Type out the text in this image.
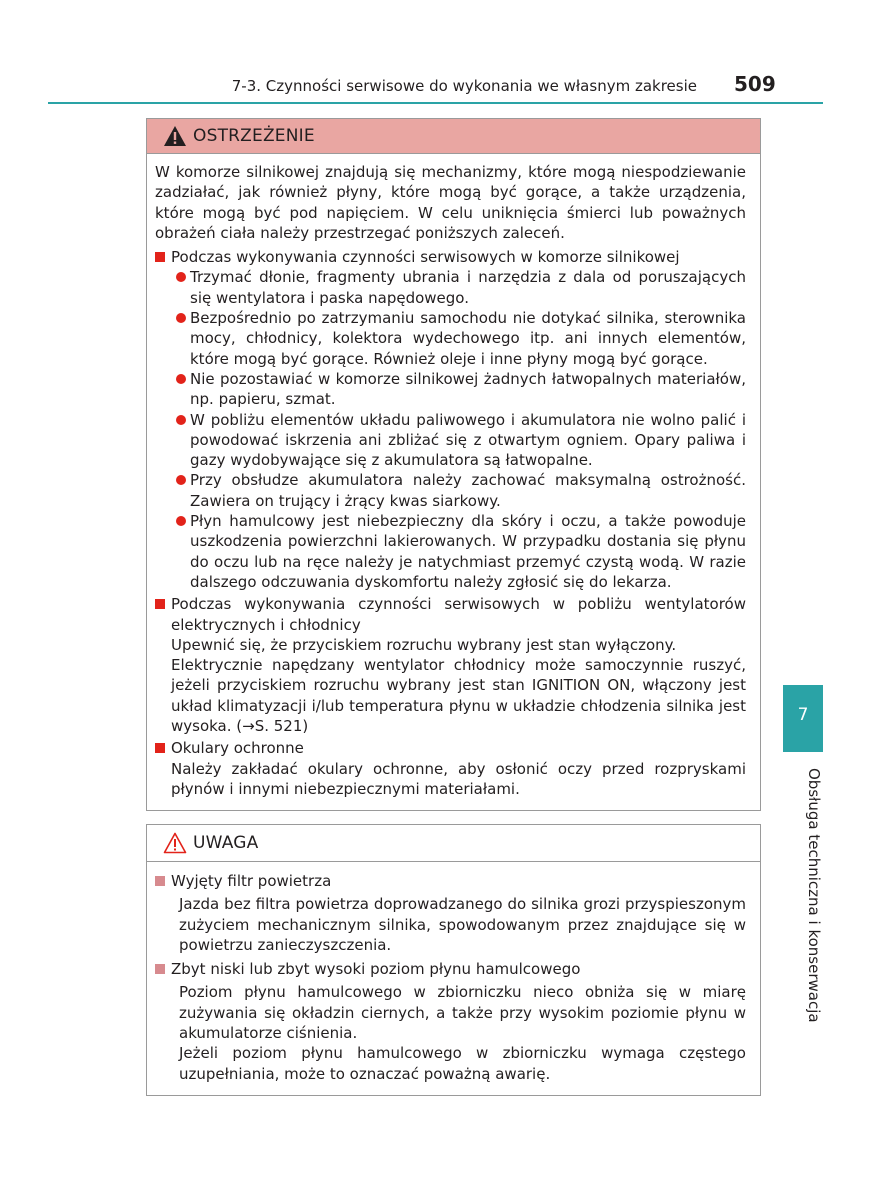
7-3. Czynności serwisowe do wykonania we własnym zakresie 509
OSTRZEŻENIE

W komorze silnikowej znajdują się mechanizmy, które mogą niespodziewanie zadziałać, jak również płyny, które mogą być gorące, a także urządzenia, które mogą być pod napięciem. W celu uniknięcia śmierci lub poważnych obrażeń ciała należy przestrzegać poniższych zaleceń.

Podczas wykonywania czynności serwisowych w komorze silnikowej
Trzymać dłonie, fragmenty ubrania i narzędzia z dala od poruszających się wentylatora i paska napędowego.
Bezpośrednio po zatrzymaniu samochodu nie dotykać silnika, sterownika mocy, chłodnicy, kolektora wydechowego itp. ani innych elementów, które mogą być gorące. Również oleje i inne płyny mogą być gorące.
Nie pozostawiać w komorze silnikowej żadnych łatwopalnych materiałów, np. papieru, szmat.
W pobliżu elementów układu paliwowego i akumulatora nie wolno palić i powodować iskrzenia ani zbliżać się z otwartym ogniem. Opary paliwa i gazy wydobywające się z akumulatora są łatwopalne.
Przy obsłudze akumulatora należy zachować maksymalną ostrożność. Zawiera on trujący i żrący kwas siarkowy.
Płyn hamulcowy jest niebezpieczny dla skóry i oczu, a także powoduje uszkodzenia powierzchni lakierowanych. W przypadku dostania się płynu do oczu lub na ręce należy je natychmiast przemyć czystą wodą. W razie dalszego odczuwania dyskomfortu należy zgłosić się do lekarza.
Podczas wykonywania czynności serwisowych w pobliżu wentylatorów elektrycznych i chłodnicy
Upewnić się, że przyciskiem rozruchu wybrany jest stan wyłączony.
Elektrycznie napędzany wentylator chłodnicy może samoczynnie ruszyć, jeżeli przyciskiem rozruchu wybrany jest stan IGNITION ON, włączony jest układ klimatyzacji i/lub temperatura płynu w układzie chłodzenia silnika jest wysoka. (→S. 521)
Okulary ochronne
Należy zakładać okulary ochronne, aby osłonić oczy przed rozpryskami płynów i innymi niebezpiecznymi materiałami.
UWAGA
Wyjęty filtr powietrza
Jazda bez filtra powietrza doprowadzanego do silnika grozi przyspieszonym zużyciem mechanicznym silnika, spowodowanym przez znajdujące się w powietrzu zanieczyszczenia.
Zbyt niski lub zbyt wysoki poziom płynu hamulcowego
Poziom płynu hamulcowego w zbiorniczku nieco obniża się w miarę zużywania się okładzin ciernych, a także przy wysokim poziomie płynu w akumulatorze ciśnienia.
Jeżeli poziom płynu hamulcowego w zbiorniczku wymaga częstego uzupełniania, może to oznaczać poważną awarię.
7
Obsługa techniczna i konserwacja
